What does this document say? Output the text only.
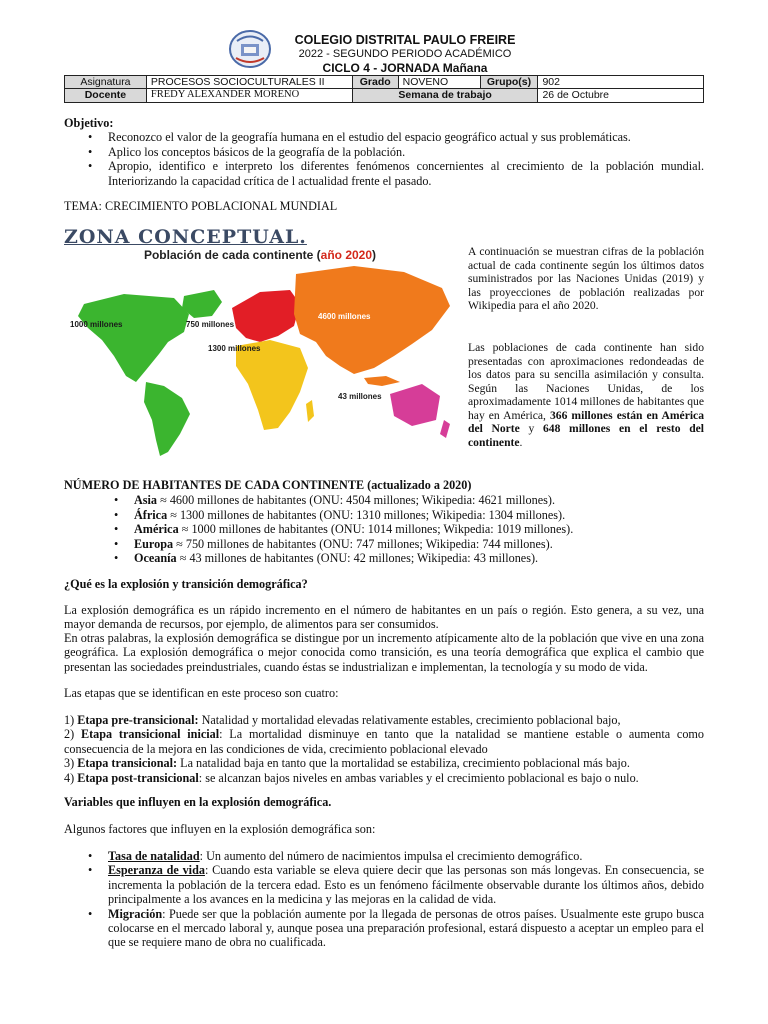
COLEGIO DISTRITAL PAULO FREIRE
2022 - SEGUNDO PERIODO ACADÉMICO
CICLO 4 - JORNADA Mañana
Asignatura	PROCESOS SOCIOCULTURALES II	Grado	NOVENO	Grupo(s)	902
Docente	FREDY ALEXANDER MORENO	Semana de trabajo			26 de Octubre
Objetivo:
• Reconozco el valor de la geografía humana en el estudio del espacio geográfico actual y sus problemáticas.
• Aplico los conceptos básicos de la geografía de la población.
• Apropio, identifico e interpreto los diferentes fenómenos concernientes al crecimiento de la población mundial. Interiorizando la capacidad crítica de l actualidad frente el pasado.
TEMA: CRECIMIENTO POBLACIONAL MUNDIAL
ZONA CONCEPTUAL.
Población de cada continente (año 2020)
1000 millones	750 millones
4600 millones
1300 millones
43 millones
A continuación se muestran cifras de la población actual de cada continente según los últimos datos suministrados por las Naciones Unidas (2019) y las proyecciones de población realizadas por Wikipedia para el año 2020.
Las poblaciones de cada continente han sido presentadas con aproximaciones redondeadas de los datos para su sencilla asimilación y consulta. Según las Naciones Unidas, de los aproximadamente 1014 millones de habitantes que hay en América, 366 millones están en América del Norte y 648 millones en el resto del continente.
NÚMERO DE HABITANTES DE CADA CONTINENTE (actualizado a 2020)
• Asia ≈ 4600 millones de habitantes (ONU: 4504 millones; Wikipedia: 4621 millones).
• África ≈ 1300 millones de habitantes (ONU: 1310 millones; Wikipedia: 1304 millones).
• América ≈ 1000 millones de habitantes (ONU: 1014 millones; Wikpedia: 1019 millones).
• Europa ≈ 750 millones de habitantes (ONU: 747 millones; Wikipedia: 744 millones).
• Oceanía ≈ 43 millones de habitantes (ONU: 42 millones; Wikipedia: 43 millones).
¿Qué es la explosión y transición demográfica?
La explosión demográfica es un rápido incremento en el número de habitantes en un país o región. Esto genera, a su vez, una mayor demanda de recursos, por ejemplo, de alimentos para ser consumidos.
En otras palabras, la explosión demográfica se distingue por un incremento atípicamente alto de la población que vive en una zona geográfica. La explosión demográfica o mejor conocida como transición, es una teoría demográfica que explica el cambio que presentan las sociedades preindustriales, cuando éstas se industrializan e implementan, la tecnología y su modo de vida.
Las etapas que se identifican en este proceso son cuatro:
1) Etapa pre-transicional: Natalidad y mortalidad elevadas relativamente estables, crecimiento poblacional bajo,
2) Etapa transicional inicial: La mortalidad disminuye en tanto que la natalidad se mantiene estable o aumenta como consecuencia de la mejora en las condiciones de vida, crecimiento poblacional elevado
3) Etapa transicional: La natalidad baja en tanto que la mortalidad se estabiliza, crecimiento poblacional más bajo.
4) Etapa post-transicional: se alcanzan bajos niveles en ambas variables y el crecimiento poblacional es bajo o nulo.
Variables que influyen en la explosión demográfica.
Algunos factores que influyen en la explosión demográfica son:
• Tasa de natalidad: Un aumento del número de nacimientos impulsa el crecimiento demográfico.
• Esperanza de vida: Cuando esta variable se eleva quiere decir que las personas son más longevas. En consecuencia, se incrementa la población de la tercera edad. Esto es un fenómeno fácilmente observable durante los últimos años, debido principalmente a los avances en la medicina y las mejoras en la calidad de vida.
• Migración: Puede ser que la población aumente por la llegada de personas de otros países. Usualmente este grupo busca colocarse en el mercado laboral y, aunque posea una preparación profesional, estará dispuesto a aceptar un empleo para el que se requiere mano de obra no cualificada.
